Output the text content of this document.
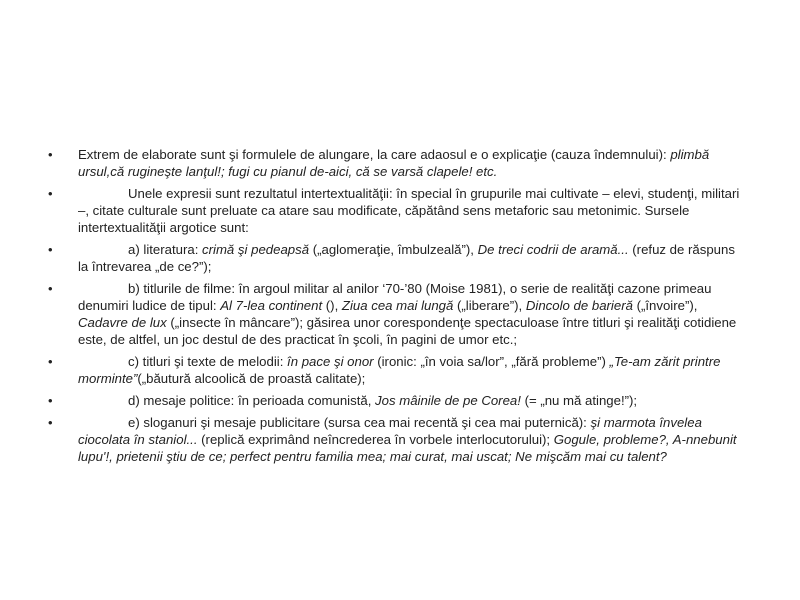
• Extrem de elaborate sunt şi formulele de alungare, la care adaosul e o explicaţie (cauza îndemnului): plimbă ursul,că rugineşte lanţul!; fugi cu pianul de-aici, că se varsă clapele! etc.
•	Unele expresii sunt rezultatul intertextualităţii: în special în grupurile mai cultivate – elevi, studenţi, militari –, citate culturale sunt preluate ca atare sau modificate, căpătând sens metaforic sau metonimic. Sursele intertextualităţii argotice sunt:
•	a) literatura: crimă şi pedeapsă („aglomeraţie, îmbulzeală”), De treci codrii de aramă... (refuz de răspuns la întrevarea „de ce?”);
•	b) titlurile de filme: în argoul militar al anilor ‘70-’80 (Moise 1981), o serie de realităţi cazone primeau denumiri ludice de tipul: Al 7-lea continent (), Ziua cea mai lungă („liberare”), Dincolo de barieră („învoire”), Cadavre de lux („insecte în mâncare”); găsirea unor corespondenţe spectaculoase între titluri şi realităţi cotidiene este, de altfel, un joc destul de des practicat în şcoli, în pagini de umor etc.;
•	c) titluri şi texte de melodii: în pace şi onor (ironic: „în voia sa/lor”, „fără probleme”) „Te-am zărit printre morminte”(„băutură alcoolică de proastă calitate);
•	d) mesaje politice: în perioada comunistă, Jos mâinile de pe Corea! (= „nu mă atinge!”);
•	e) sloganuri şi mesaje publicitare (sursa cea mai recentă şi cea mai puternică): şi marmota învelea ciocolata în staniol... (replică exprimând neîncrederea în vorbele interlocutorului); Gogule, probleme?, A-nnebunit lupu'!, prietenii ştiu de ce; perfect pentru familia mea; mai curat, mai uscat; Ne mişcăm mai cu talent?
